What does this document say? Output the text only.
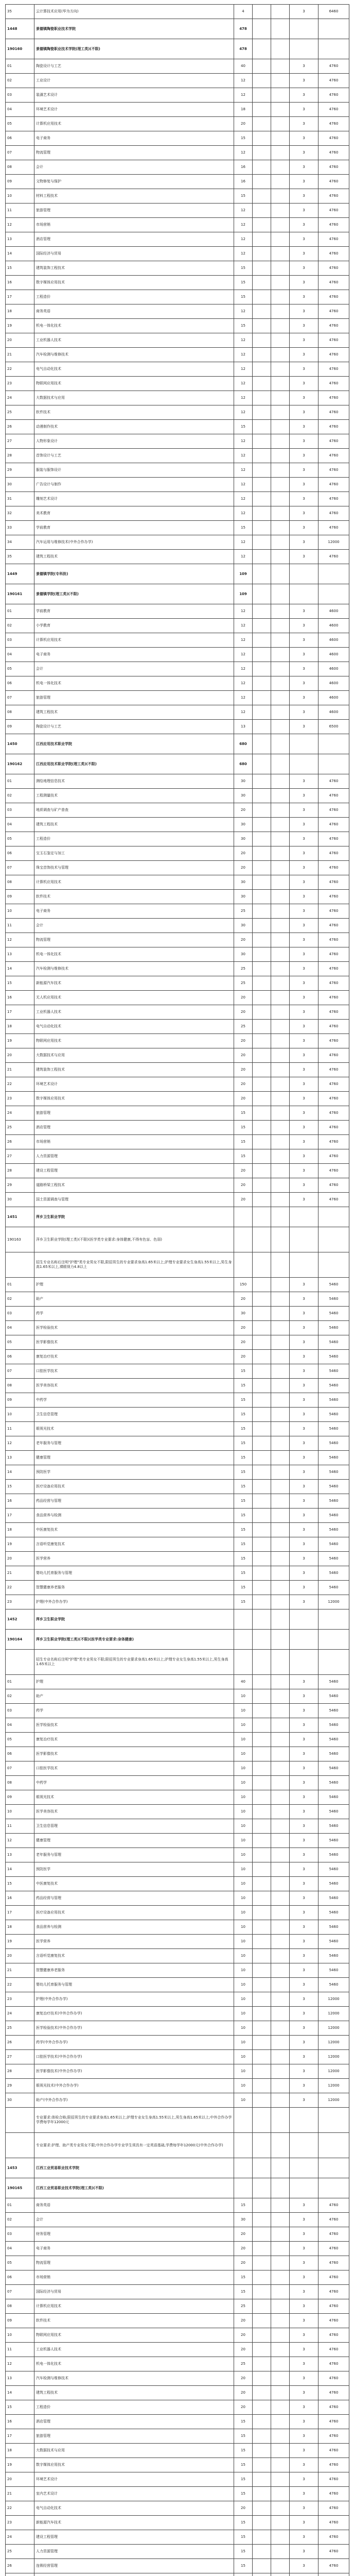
35	云计算技术应用(华为方向)	4			3	6460
1448	景德镇陶瓷职业技术学院	478				
190160	景德镇陶瓷职业技术学院(理工类)(不限)	478				
01	陶瓷设计与工艺	40			3	4760
02	工业设计	12			3	4760
03	装潢艺术设计	12			3	4760
04	环境艺术设计	18			3	4760
05	计算机应用技术	20			3	4760
06	电子商务	15			3	4760
07	物流管理	12			3	4760
08	会计	16			3	4760
09	文物修复与保护	16			3	4760
10	材料工程技术	15			3	4760
11	旅游管理	12			3	4760
12	市场营销	12			3	4760
13	酒店管理	12			3	4760
14	国际经济与贸易	12			3	4760
15	建筑装饰工程技术	15			3	4760
16	数字媒体应用技术	15			3	4760
17	工程造价	15			3	4760
18	商务英语	12			3	4760
19	机电一体化技术	15			3	4760
20	工业机器人技术	12			3	4760
21	汽车检测与维修技术	12			3	4760
22	电气自动化技术	12			3	4760
23	物联网应用技术	12			3	4760
24	大数据技术与应用	12			3	4760
25	软件技术	12			3	4760
26	动漫制作技术	15			3	4760
27	人物形象设计	12			3	4760
28	首饰设计与工艺	12			3	4760
29	服装与服饰设计	12			3	4760
30	广告设计与制作	12			3	4760
31	雕刻艺术设计	12			3	4760
32	美术教育	12			3	4760
33	学前教育	15			3	4760
34	汽车运用与维修技术(中外合作办学)	12			3	12000
35	建筑工程技术	12			3	4760
1449	景德镇学院(专科批)	109				
190161	景德镇学院(理工类)(不限)	109				
01	学前教育	12			3	4600
02	小学教育	12			3	4600
03	计算机应用技术	12			3	4600
04	电子商务	12			3	4600
05	会计	12			3	4600
06	机电一体化技术	12			3	4600
07	旅游管理	12			3	4600
08	建筑工程技术	12			3	4600
09	陶瓷设计与工艺	13			3	6500
1450	江西应用技术职业学院	680				
190162	江西应用技术职业学院(理工类)(不限)	680				
01	测绘地理信息技术	30			3	4760
02	工程测量技术	30			3	4760
03	地质调查与矿产普查	20			3	4760
04	建筑工程技术	30			3	4760
05	工程造价	30			3	4760
06	宝玉石鉴定与加工	20			3	4760
07	珠宝首饰技术与管理	20			3	4760
08	计算机应用技术	30			3	4760
09	软件技术	30			3	4760
10	电子商务	25			3	4760
11	会计	30			3	4760
12	物流管理	20			3	4760
13	机电一体化技术	30			3	4760
14	汽车检测与维修技术	25			3	4760
15	新能源汽车技术	25			3	4760
16	无人机应用技术	20			3	4760
17	工业机器人技术	20			3	4760
18	电气自动化技术	25			3	4760
19	物联网应用技术	20			3	4760
20	大数据技术与应用	20			3	4760
21	建筑装饰工程技术	20			3	4760
22	环境艺术设计	20			3	4760
23	数字媒体应用技术	20			3	4760
24	旅游管理	15			3	4760
25	酒店管理	15			3	4760
26	市场营销	15			3	4760
27	人力资源管理	15			3	4760
28	建设工程管理	20			3	4760
29	道路桥梁工程技术	20			3	4760
30	国土资源调查与管理	20			3	4760
1451	萍乡卫生职业学院					
190163	萍乡卫生职业学院(理工类)(不限)(医学类专业要求:身体健康,不得有色盲、色弱)					
	招生专业名称后注明"护理"类专业男女不限,限招男生的专业要求身高1.65米以上;护理专业要求女生身高1.55米以上,男生身高1.65米以上,裸眼视力4.8以上					
01	护理	150			3	5460
02	助产	20			3	5460
03	药学	30			3	5460
04	医学检验技术	20			3	5460
05	医学影像技术	20			3	5460
06	康复治疗技术	20			3	5460
07	口腔医学技术	15			3	5460
08	医学美容技术	15			3	5460
09	中药学	15			3	5460
10	卫生信息管理	15			3	5460
11	眼视光技术	15			3	5460
12	老年服务与管理	15			3	5460
13	健康管理	15			3	5460
14	预防医学	15			3	5460
15	医疗设备应用技术	15			3	5460
16	药品经营与管理	15			3	5460
17	食品营养与检测	15			3	5460
18	中医康复技术	15			3	5460
19	言语听觉康复技术	15			3	5460
20	医学营养	15			3	5460
21	婴幼儿托育服务与管理	15			3	5460
22	智慧健康养老服务	15			3	5460
23	护理(中外合作办学)	15			3	12000
1452	萍乡卫生职业学院					
190164	萍乡卫生职业学院(理工类)(不限)(医学类专业要求:身体健康)					
	招生专业名称后注明"护理"类专业男女不限;限招男生的专业要求身高1.65米以上;护理专业女生身高1.55米以上,男生身高1.65米以上					
01	护理	40			3	5460
02	助产	10			3	5460
03	药学	10			3	5460
04	医学检验技术	10			3	5460
05	康复治疗技术	10			3	5460
06	医学影像技术	10			3	5460
07	口腔医学技术	10			3	5460
08	中药学	10			3	5460
09	眼视光技术	10			3	5460
10	医学美容技术	10			3	5460
11	卫生信息管理	10			3	5460
12	健康管理	10			3	5460
13	老年服务与管理	10			3	5460
14	预防医学	10			3	5460
15	中医康复技术	10			3	5460
16	药品经营与管理	10			3	5460
17	医疗设备应用技术	10			3	5460
18	食品营养与检测	10			3	5460
19	医学营养	10			3	5460
20	言语听觉康复技术	10			3	5460
21	智慧健康养老服务	10			3	5460
22	婴幼儿托育服务与管理	10			3	5460
23	护理(中外合作办学)	10			3	12000
24	康复治疗技术(中外合作办学)	10			3	12000
25	医学检验技术(中外合作办学)	10			3	12000
26	药学(中外合作办学)	10			3	12000
27	口腔医学技术(中外合作办学)	10			3	12000
28	医学影像技术(中外合作办学)	10			3	12000
29	眼视光技术(中外合作办学)	10			3	12000
30	助产(中外合作办学)	10			3	12000
	专业要求:体检合格;限招男生的专业要求身高1.65米以上;护理专业女生身高1.55米以上,男生身高1.65米以上;中外合作办学学费每学年12000元					
	专业要求:护理、助产类专业男女不限;中外合作办学专业学生须具有一定英语基础,学费每学年12000元(中外合作办学)					
1453	江西工业贸易职业技术学院					
190165	江西工业贸易职业技术学院(理工类)(不限)					
01	商务英语	15			3	4760
02	会计	30			3	4760
03	财务管理	20			3	4760
04	电子商务	20			3	4760
05	物流管理	20			3	4760
06	市场营销	15			3	4760
07	国际经济与贸易	15			3	4760
08	计算机应用技术	25			3	4760
09	软件技术	20			3	4760
10	物联网应用技术	20			3	4760
11	工业机器人技术	20			3	4760
12	机电一体化技术	25			3	4760
13	汽车检测与维修技术	20			3	4760
14	建筑工程技术	20			3	4760
15	工程造价	20			3	4760
16	酒店管理	15			3	4760
17	旅游管理	15			3	4760
18	大数据技术与应用	15			3	4760
19	数字媒体应用技术	15			3	4760
20	环境艺术设计	15			3	4760
21	室内艺术设计	15			3	4760
22	电气自动化技术	20			3	4760
23	新能源汽车技术	15			3	4760
24	建设工程管理	15			3	4760
25	人力资源管理	15			3	4760
26	连锁经营管理	15			3	4760
